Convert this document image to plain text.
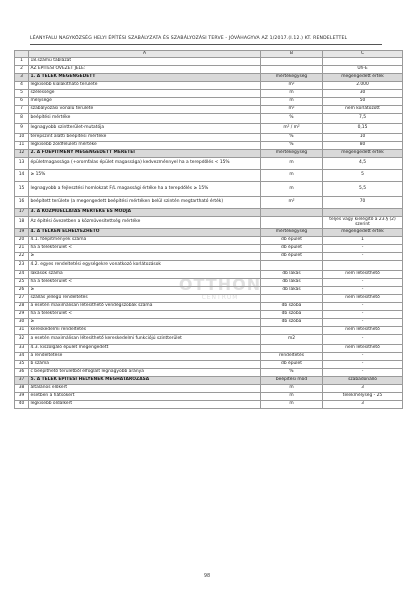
LÉANYFALU NAGYKÖZSÉG HELYI ÉPÍTÉSI SZABÁLYZATA ÉS SZABÁLYOZÁSI TERVE - JÓVÁHAGYVA AZ 1/2017.(I.12.) KT. RENDELETTEL
OTTHON
CENTRUM
	A	B	C
1	18.számú táblázat		
2	AZ ÉPÍTÉSI ÖVEZET JELE:		Üh-E
3	1. A TELEK MEGENGEDETT	mértékegység	megengedett érték
4	legkisebb kialakítható területe	m²	2.000
5	szélessége	m	30
6	mélysége	m	50
7	szabályozási vonalú területe	m²	nem korlátozott
8	beépítési mértéke	%	7,5
9	legnagyobb szintterület-mutatója	m² / m²	0,15
10	terepszint alatti beépítési mértéke	%	10
11	legkisebb zöldfelületi mértéke	%	80
12	2. A FŐÉPÍTMÉNY MEGENGEDETT MÉRETEI	mértékegység	megengedett érték
13	épületmagassága (+oromfalas épület magassága) kedvezménnyel ha a terepdőlés < 15%	m	4,5
14	≥ 15%	m	5
15	legnagyobb a fejlesztési homlokzat F/L magassági értéke ha a terepdőlés ≥ 15%	m	5,5
16	beépített területe (a megengedett beépítési mértéken belül szintén megtartható érték)	m²	70
17	3. A KÖZMŰELLÁTÁS MÉRTÉKE ÉS MÓDJA		
18	Az építési övezetben a közművesítettség mértéke		teljes vagy kielégítő a 23.§ (2) szerint
19	4. A TELKEN ELHELYEZHETŐ	mértékegység	megengedett érték
20	4.1. főépítmények száma	db épület	1
21	ha a telekterület <	db épület	-
22	≥	db épület	-
23	4.2. egyes rendeltetési egységekre vonatkozó korlátozások		
24	lakások száma	db lakás	nem létesíthető
25	ha a telekterület <	db lakás	-
26	≥	db lakás	-
27	szállás jellegű rendeltetés		nem létesíthető
28	a esetén maximálisan létesíthető vendégszobák száma	db szoba	-
29	ha a telekterület <	db szoba	-
30	≥	db szoba	-
31	kereskedelmi rendeltetés		nem létesíthető
32	a esetén maximálisan létesíthető kereskedelmi funkciójú szintterület	m2	-
33	4.3. kiszolgáló épület megengedett		nem létesíthető
34	a rendeltetése	rendeltetés	-
35	b száma	db épület	-
36	c beépíthető területből elfoglalt legnagyobb aránya	%	-
37	5. A TELEK ÉPÍTÉSI HELYÉNEK MEGHATÁROZÁSA	beépítési mód	szabadonálló
38	általános előkert	m	3
39	esetben a hátsókert	m	telekmélység - 25
40	legkisebb oldalkert	m	3
98
